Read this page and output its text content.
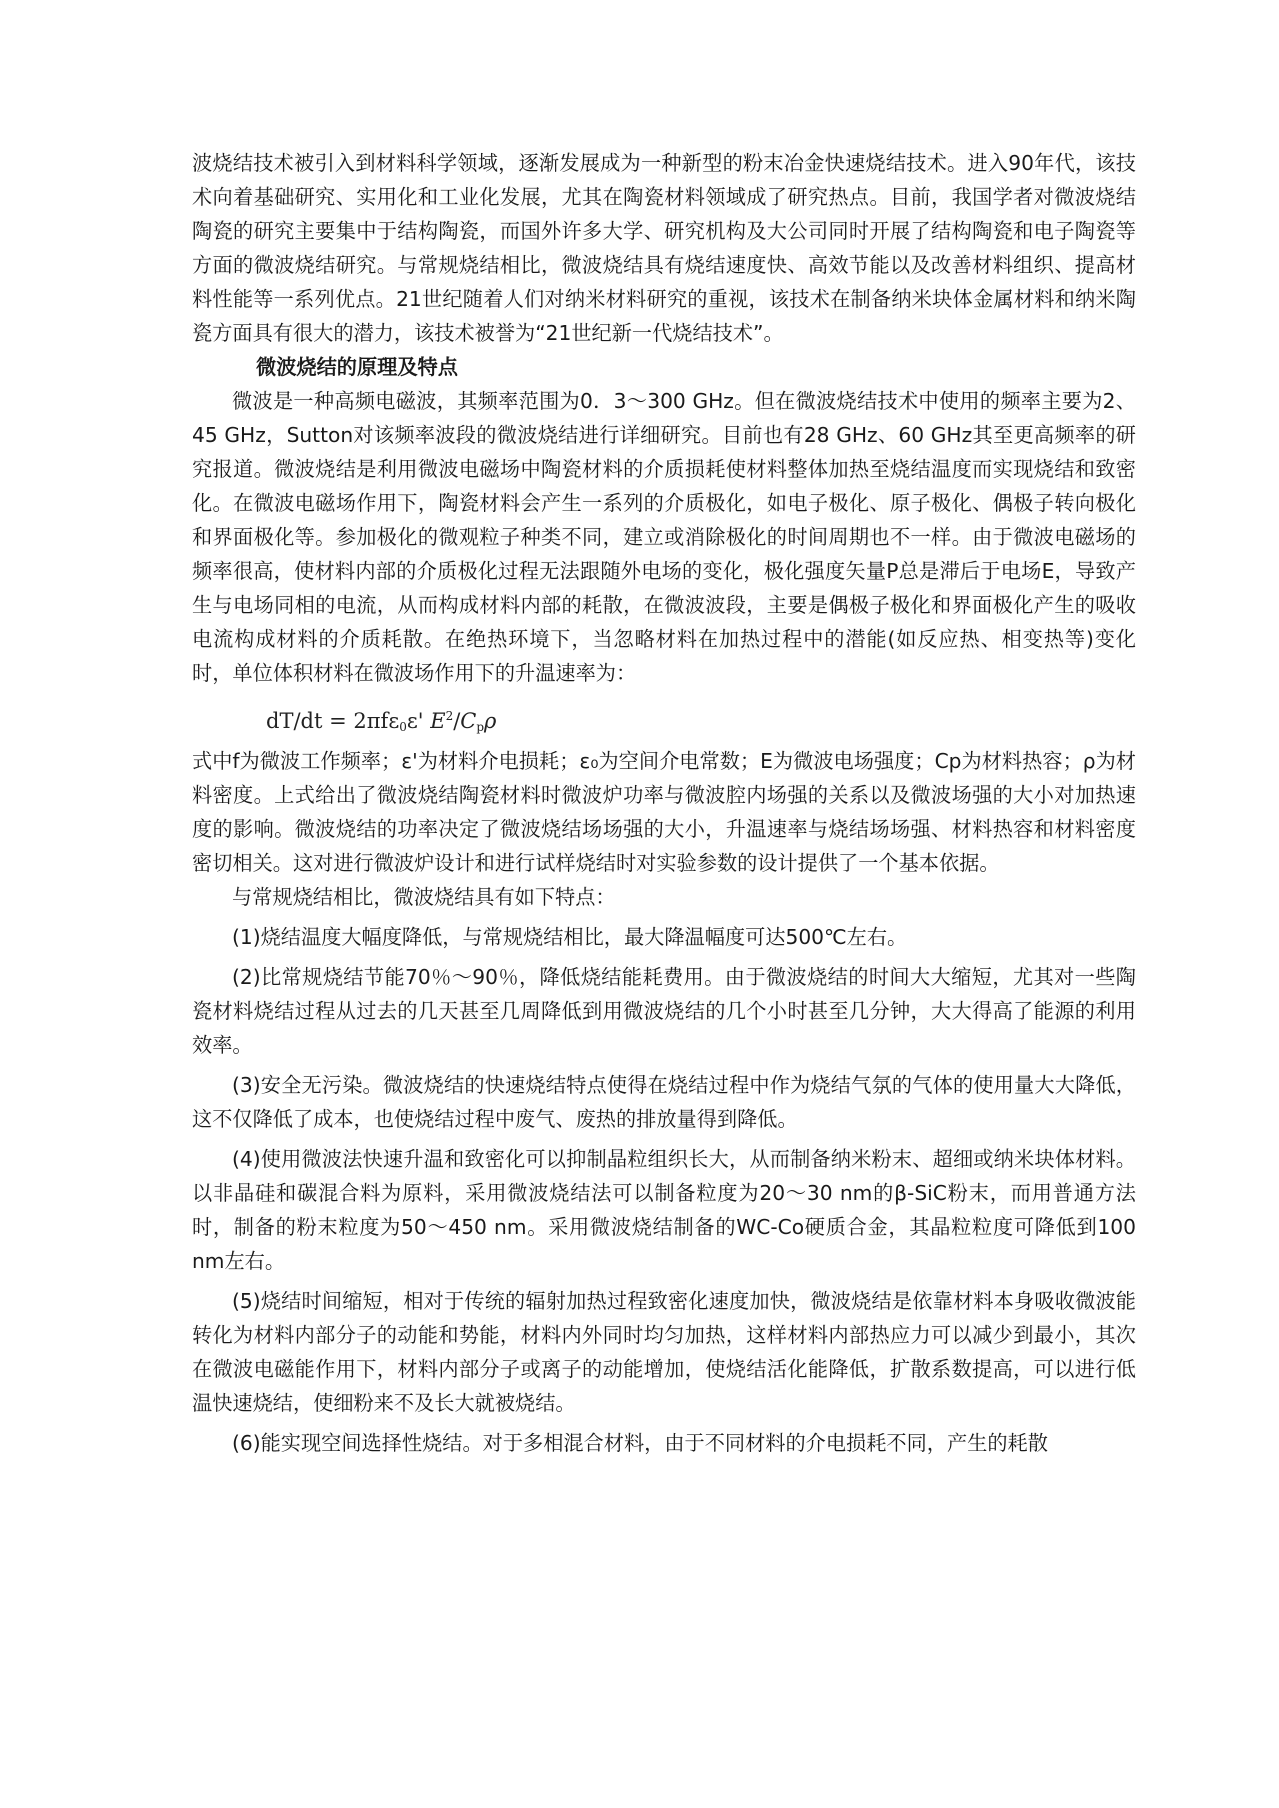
波烧结技术被引入到材料科学领域，逐渐发展成为一种新型的粉末冶金快速烧结技术。进入90年代，该技术向着基础研究、实用化和工业化发展，尤其在陶瓷材料领域成了研究热点。目前，我国学者对微波烧结陶瓷的研究主要集中于结构陶瓷，而国外许多大学、研究机构及大公司同时开展了结构陶瓷和电子陶瓷等方面的微波烧结研究。与常规烧结相比，微波烧结具有烧结速度快、高效节能以及改善材料组织、提高材料性能等一系列优点。21世纪随着人们对纳米材料研究的重视，该技术在制备纳米块体金属材料和纳米陶瓷方面具有很大的潜力，该技术被誉为“21世纪新一代烧结技术”。

微波烧结的原理及特点

微波是一种高频电磁波，其频率范围为0．3～300 GHz。但在微波烧结技术中使用的频率主要为2、45 GHz，Sutton对该频率波段的微波烧结进行详细研究。目前也有28 GHz、60 GHz其至更高频率的研究报道。微波烧结是利用微波电磁场中陶瓷材料的介质损耗使材料整体加热至烧结温度而实现烧结和致密化。在微波电磁场作用下，陶瓷材料会产生一系列的介质极化，如电子极化、原子极化、偶极子转向极化和界面极化等。参加极化的微观粒子种类不同，建立或消除极化的时间周期也不一样。由于微波电磁场的频率很高，使材料内部的介质极化过程无法跟随外电场的变化，极化强度矢量P总是滞后于电场E，导致产生与电场同相的电流，从而构成材料内部的耗散，在微波波段，主要是偶极子极化和界面极化产生的吸收电流构成材料的介质耗散。在绝热环境下，当忽略材料在加热过程中的潜能(如反应热、相变热等)变化时，单位体积材料在微波场作用下的升温速率为：

dT/dt = 2πfε$_0$ε' $E^2/C_p\rho$

式中f为微波工作频率；ε'为材料介电损耗；ε₀为空间介电常数；E为微波电场强度；Cp为材料热容；ρ为材料密度。上式给出了微波烧结陶瓷材料时微波炉功率与微波腔内场强的关系以及微波场强的大小对加热速度的影响。微波烧结的功率决定了微波烧结场场强的大小，升温速率与烧结场场强、材料热容和材料密度密切相关。这对进行微波炉设计和进行试样烧结时对实验参数的设计提供了一个基本依据。

与常规烧结相比，微波烧结具有如下特点：

(1)烧结温度大幅度降低，与常规烧结相比，最大降温幅度可达500℃左右。

(2)比常规烧结节能70％～90％，降低烧结能耗费用。由于微波烧结的时间大大缩短，尤其对一些陶瓷材料烧结过程从过去的几天甚至几周降低到用微波烧结的几个小时甚至几分钟，大大得高了能源的利用效率。

(3)安全无污染。微波烧结的快速烧结特点使得在烧结过程中作为烧结气氛的气体的使用量大大降低，这不仅降低了成本，也使烧结过程中废气、废热的排放量得到降低。

(4)使用微波法快速升温和致密化可以抑制晶粒组织长大，从而制备纳米粉末、超细或纳米块体材料。以非晶硅和碳混合料为原料，采用微波烧结法可以制备粒度为20～30 nm的β-SiC粉末，而用普通方法时，制备的粉末粒度为50～450 nm。采用微波烧结制备的WC-Co硬质合金，其晶粒粒度可降低到100 nm左右。

(5)烧结时间缩短，相对于传统的辐射加热过程致密化速度加快，微波烧结是依靠材料本身吸收微波能转化为材料内部分子的动能和势能，材料内外同时均匀加热，这样材料内部热应力可以减少到最小，其次在微波电磁能作用下，材料内部分子或离子的动能增加，使烧结活化能降低，扩散系数提高，可以进行低温快速烧结，使细粉来不及长大就被烧结。

(6)能实现空间选择性烧结。对于多相混合材料，由于不同材料的介电损耗不同，产生的耗散
